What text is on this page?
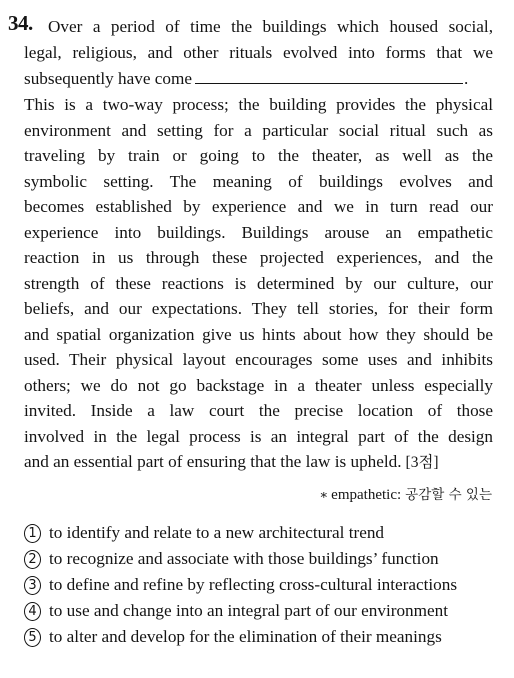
34. Over a period of time the buildings which housed social,
legal, religious, and other rituals evolved into forms that we
subsequently have come	.
This is a two-way process; the building provides the physical
environment and setting for a particular social ritual such as
traveling by train or going to the theater, as well as the
symbolic setting. The meaning of buildings evolves and
becomes established by experience and we in turn read our
experience into buildings. Buildings arouse an empathetic
reaction in us through these projected experiences, and the
strength of these reactions is determined by our culture, our
beliefs, and our expectations. They tell stories, for their form
and spatial organization give us hints about how they should be
used. Their physical layout encourages some uses and inhibits
others; we do not go backstage in a theater unless especially
invited. Inside a law court the precise location of those
involved in the legal process is an integral part of the design
and an essential part of ensuring that the law is upheld. [3점]
∗ empathetic: 공감할 수 있는
1 to identify and relate to a new architectural trend
2 to recognize and associate with those buildings’ function
3 to define and refine by reflecting cross-cultural interactions
4 to use and change into an integral part of our environment
5 to alter and develop for the elimination of their meanings
